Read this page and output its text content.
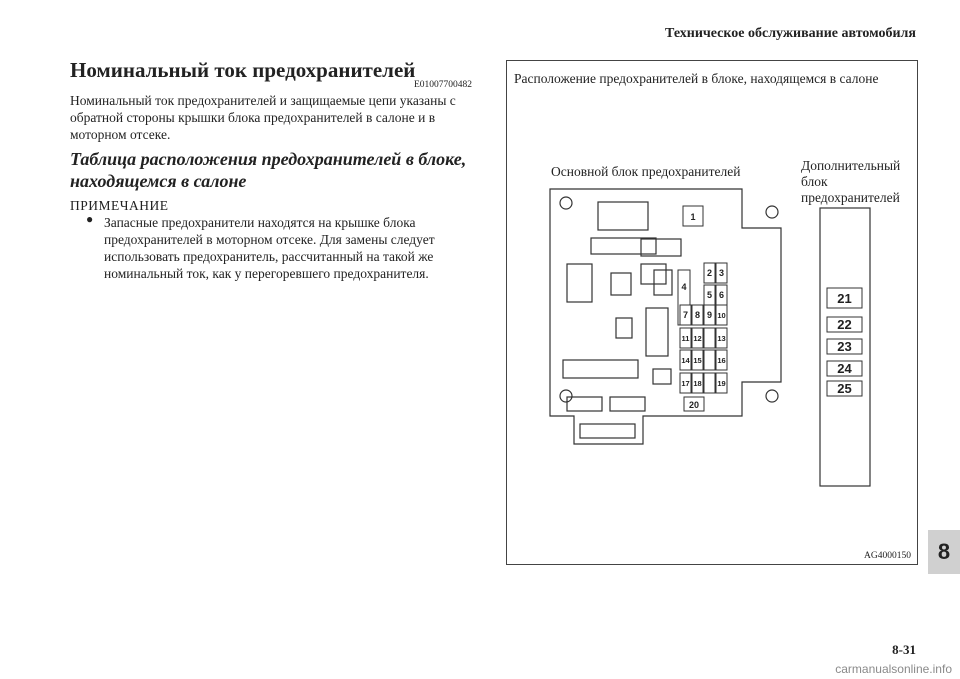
Техническое обслуживание автомобиля
Номинальный ток предохранителей
E01007700482
Номинальный ток предохранителей и защищаемые цепи указаны с обратной стороны крышки блока предохранителей в салоне и в моторном отсеке.
Таблица расположения предохранителей в блоке, находящемся в салоне
ПРИМЕЧАНИЕ
● Запасные предохранители находятся на крышке блока предохранителей в моторном отсеке. Для замены следует использовать предохранитель, рассчитанный на такой же номинальный ток, как у перегоревшего предохранителя.
1
2 3
4
5 6
7 8 9 10
11 12 13
14 15 16
17 18 19
20
21
22
23
24
25
Расположение предохранителей в блоке, находящемся в салоне
Основной блок предохранителей	Дополнительный блок предохранителей
AG4000150	8
8-31
carmanualsonline.info
